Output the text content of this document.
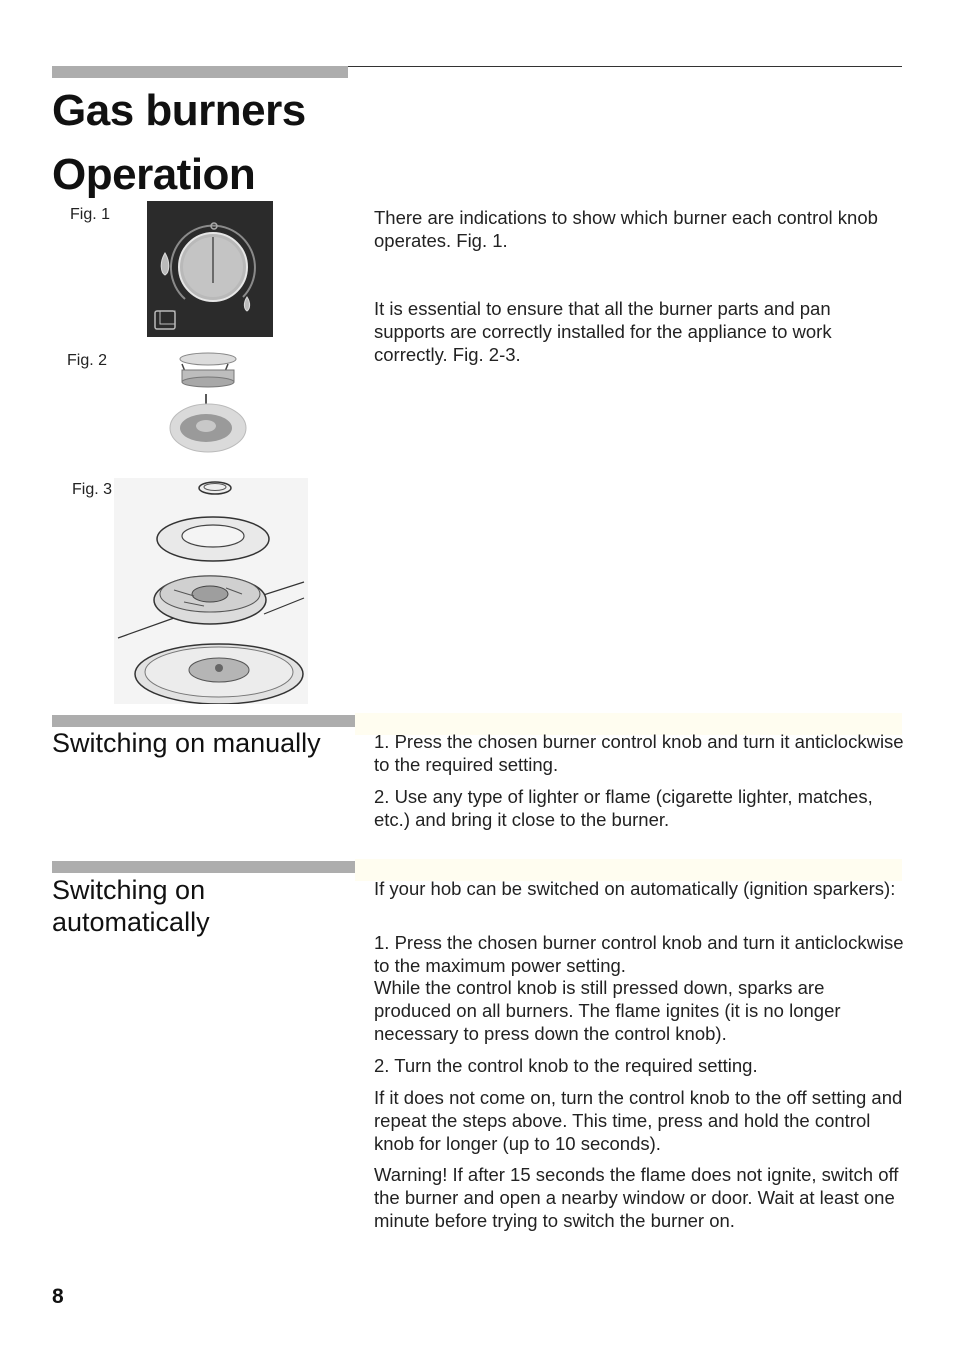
Gas burners
Operation
Fig. 1
Fig. 2
Fig. 3
There are indications to show which burner each control knob operates. Fig. 1.
It is essential to ensure that all the burner parts and pan supports are correctly installed for the appliance to work correctly. Fig. 2-3.
Switching on manually	1. Press the chosen burner control knob and turn it anticlockwise to the required setting.
2. Use any type of lighter or flame (cigarette lighter, matches, etc.) and bring it close to the burner.
Switching on automatically
If your hob can be switched on automatically (ignition sparkers):
1. Press the chosen burner control knob and turn it anticlockwise to the maximum power setting.
While the control knob is still pressed down, sparks are produced on all burners. The flame ignites (it is no longer necessary to press down the control knob).
2. Turn the control knob to the required setting.
If it does not come on, turn the control knob to the off setting and repeat the steps above. This time, press and hold the control knob for longer (up to 10 seconds).
Warning! If after 15 seconds the flame does not ignite, switch off the burner and open a nearby window or door. Wait at least one minute before trying to switch the burner on.
8
